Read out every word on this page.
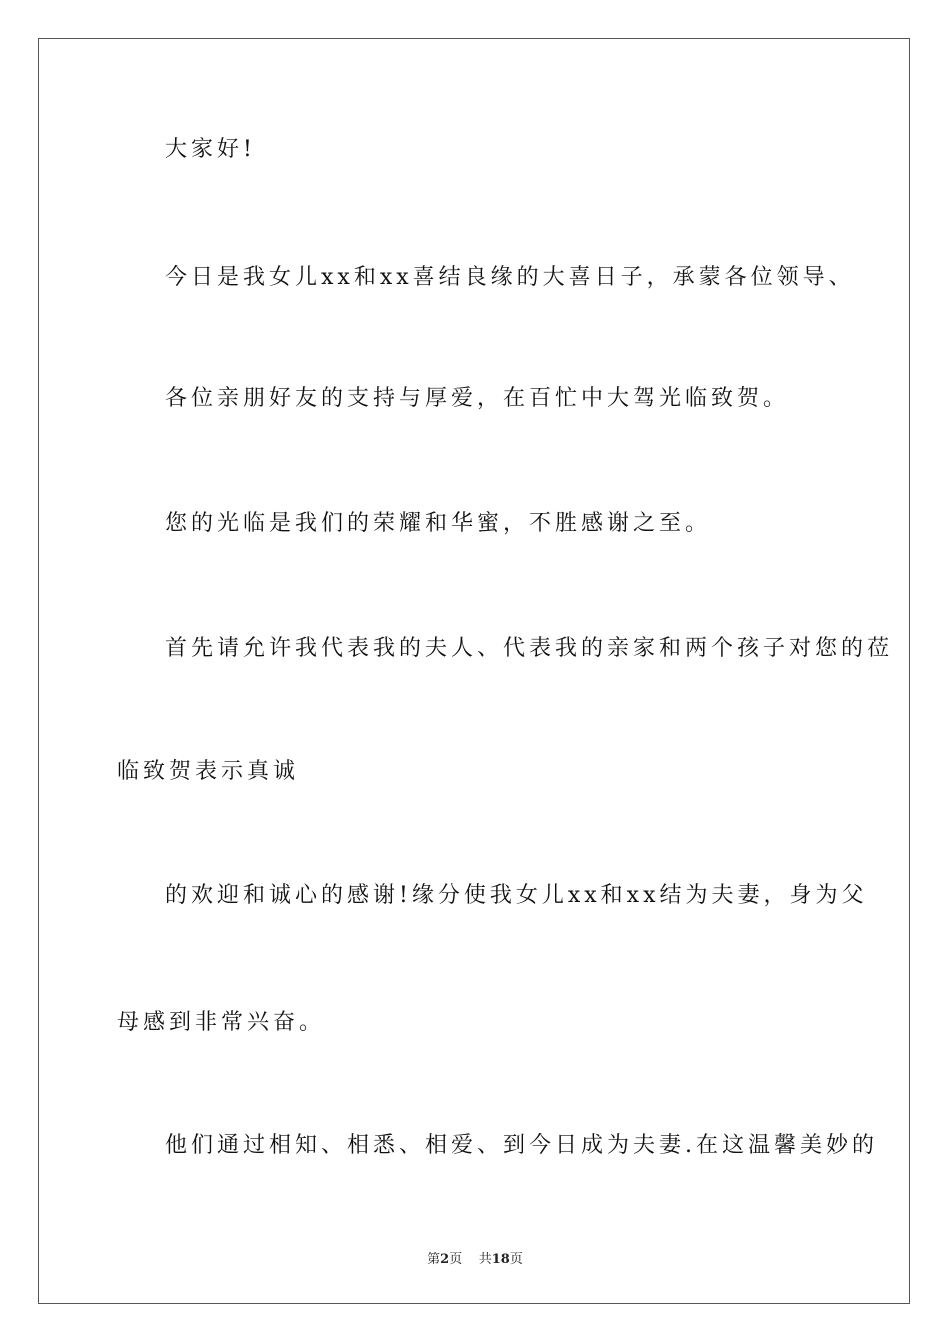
大家好!
今日是我女儿xx和xx喜结良缘的大喜日子，承蒙各位领导、
各位亲朋好友的支持与厚爱，在百忙中大驾光临致贺。
您的光临是我们的荣耀和华蜜，不胜感谢之至。
首先请允许我代表我的夫人、代表我的亲家和两个孩子对您的莅
临致贺表示真诚
的欢迎和诚心的感谢!缘分使我女儿xx和xx结为夫妻，身为父
母感到非常兴奋。
他们通过相知、相悉、相爱、到今日成为夫妻.在这温馨美妙的
第2页 共18页
